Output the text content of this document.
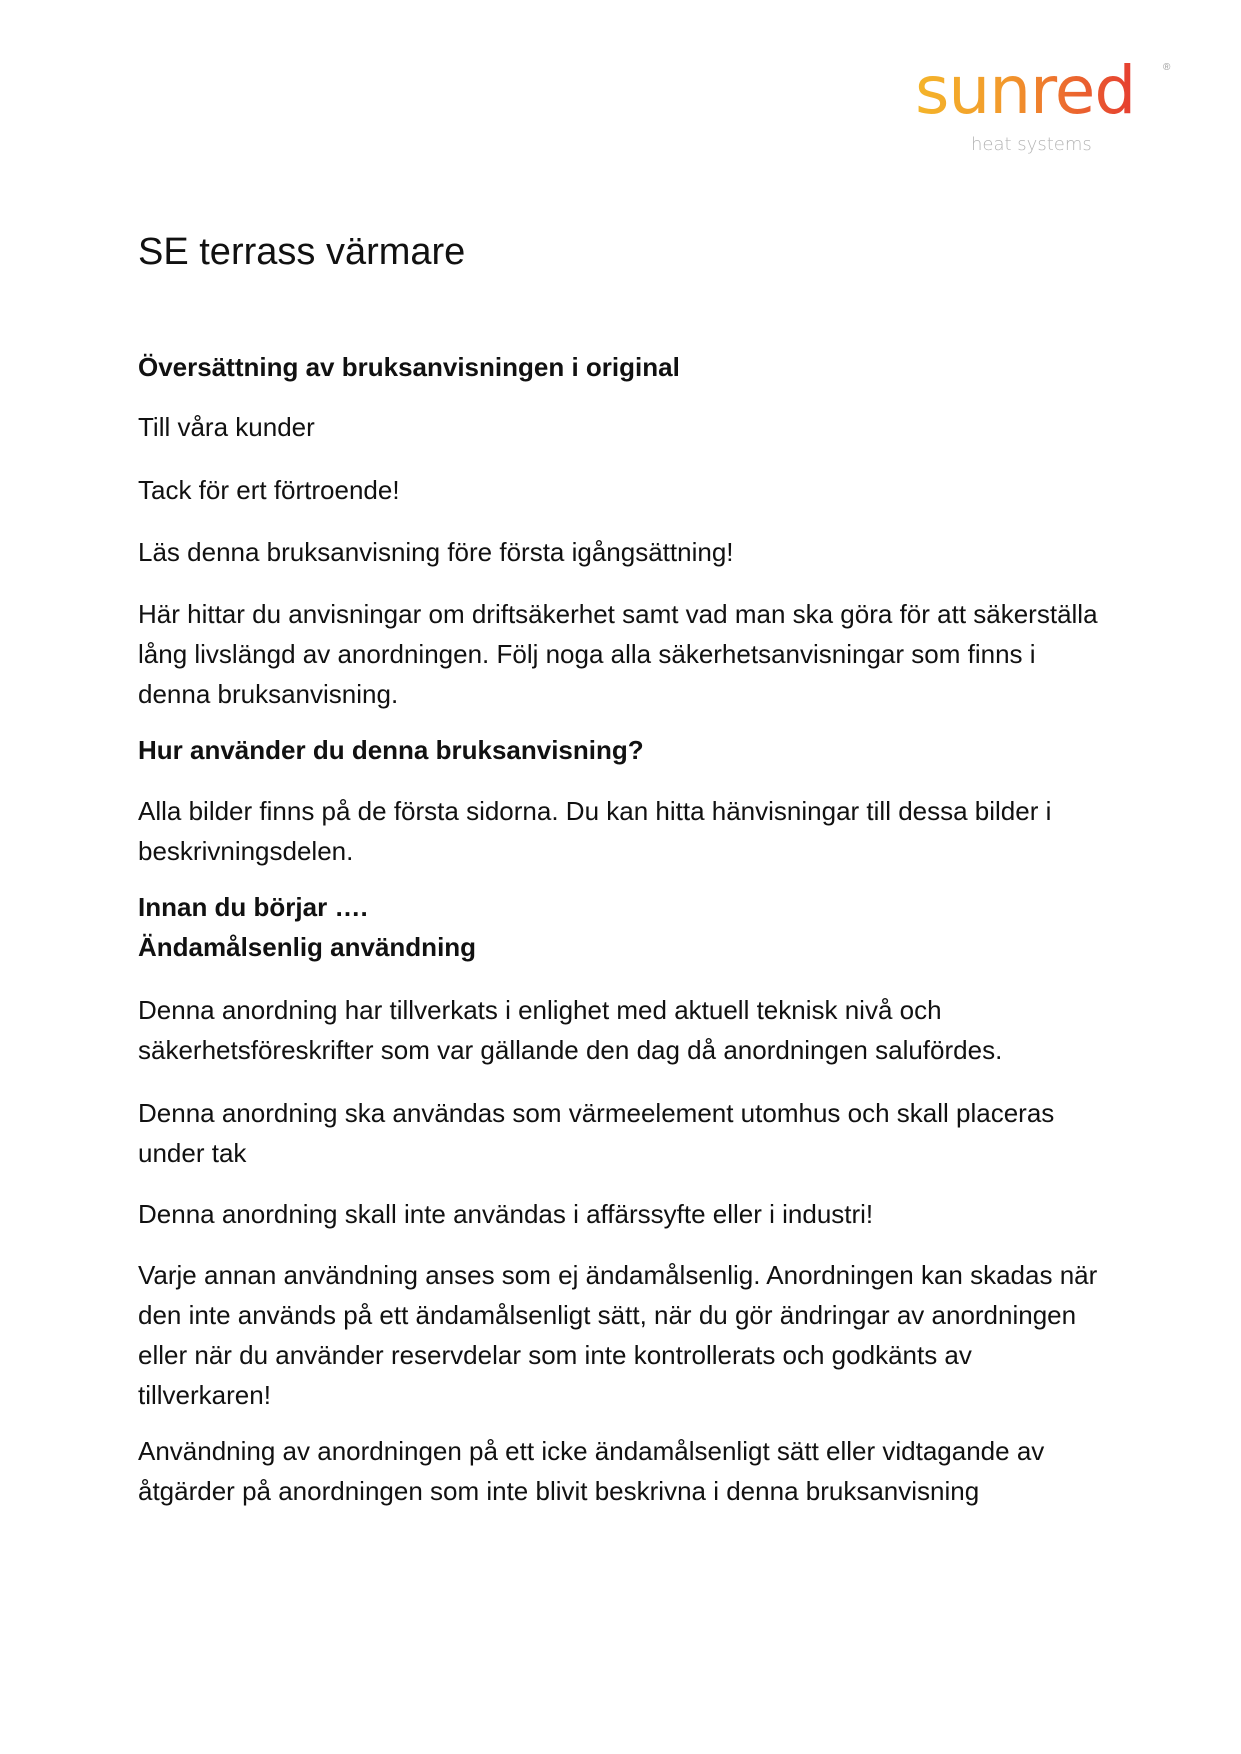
sunred	®
heat systems
SE terrass värmare

Översättning av bruksanvisningen i original

Till våra kunder

Tack för ert förtroende!

Läs denna bruksanvisning före första igångsättning!

Här hittar du anvisningar om driftsäkerhet samt vad man ska göra för att säkerställa lång livslängd av anordningen. Följ noga alla säkerhetsanvisningar som finns i denna bruksanvisning.

Hur använder du denna bruksanvisning?

Alla bilder finns på de första sidorna. Du kan hitta hänvisningar till dessa bilder i beskrivningsdelen.

Innan du börjar ….

Ändamålsenlig användning

Denna anordning har tillverkats i enlighet med aktuell teknisk nivå och säkerhetsföreskrifter som var gällande den dag då anordningen salufördes.

Denna anordning ska användas som värmeelement utomhus och skall placeras under tak

Denna anordning skall inte användas i affärssyfte eller i industri!

Varje annan användning anses som ej ändamålsenlig. Anordningen kan skadas när den inte används på ett ändamålsenligt sätt, när du gör ändringar av anordningen eller när du använder reservdelar som inte kontrollerats och godkänts av tillverkaren!

Användning av anordningen på ett icke ändamålsenligt sätt eller vidtagande av åtgärder på anordningen som inte blivit beskrivna i denna bruksanvisning
